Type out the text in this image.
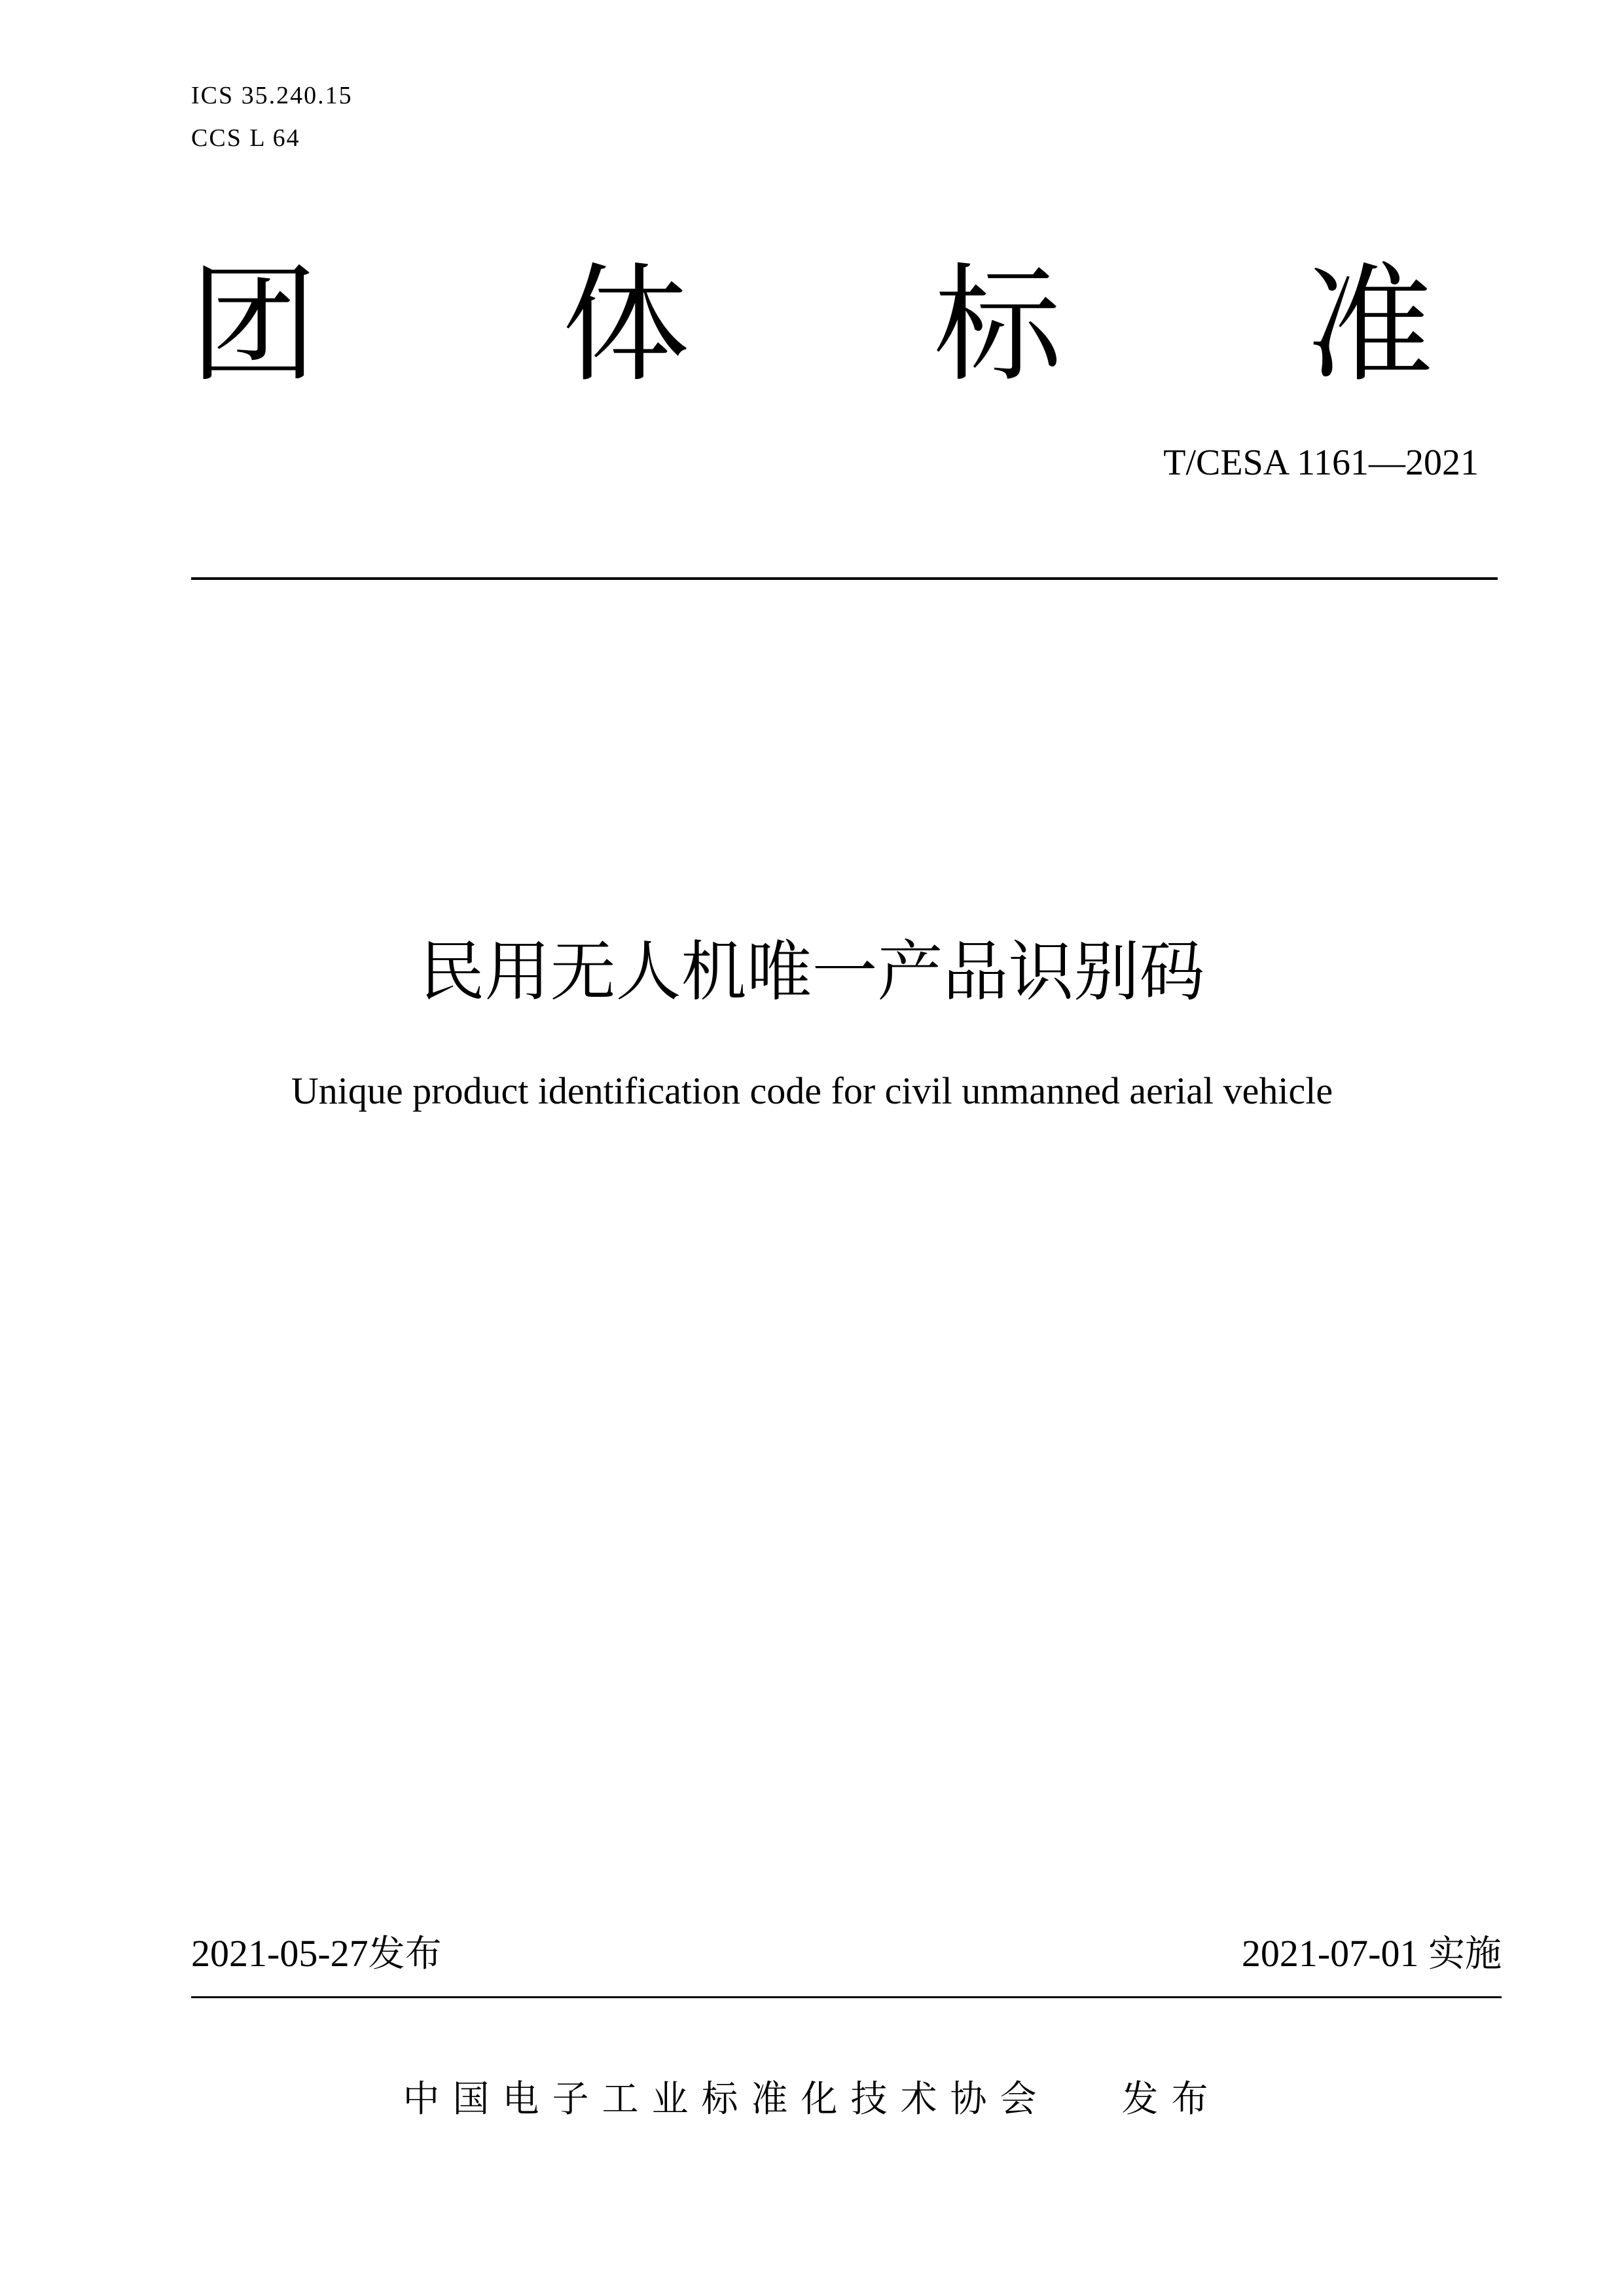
ICS 35.240.15
CCS L 64
团 体 标 准
T/CESA 1161—2021
民用无人机唯一产品识别码
Unique product identification code for civil unmanned aerial vehicle
2021-05-27发布	2021-07-01 实施
中国电子工业标准化技术协会 发布
